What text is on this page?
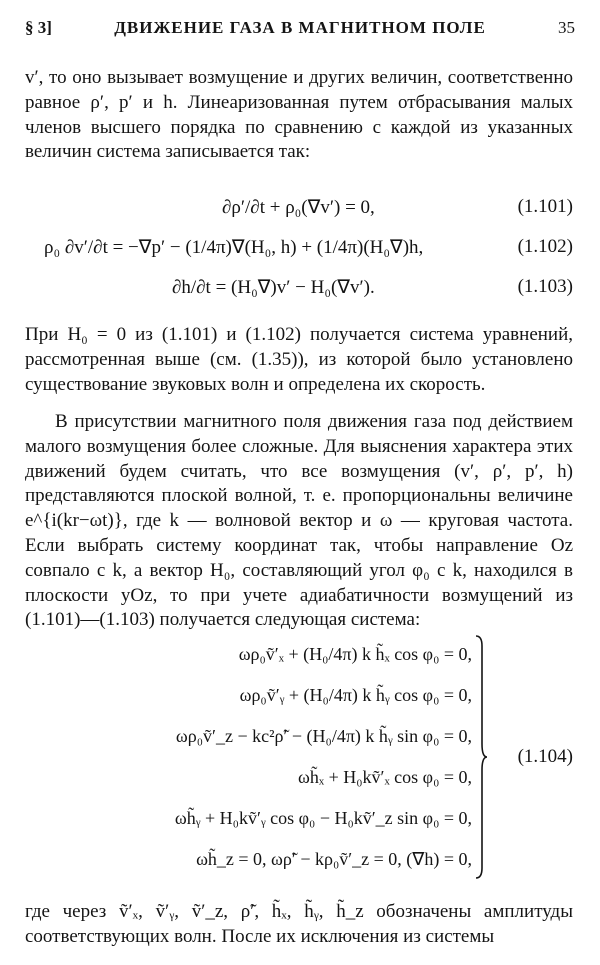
§ 3]	ДВИЖЕНИЕ ГАЗА В МАГНИТНОМ ПОЛЕ	35
v′, то оно вызывает возмущение и других величин, соответственно равное ρ′, p′ и h. Линеаризованная путем отбрасывания малых членов высшего порядка по сравнению с каждой из указанных величин система записывается так:
∂ρ′/∂t + ρ₀(∇v′) = 0,	(1.101)
ρ₀ ∂v′/∂t = −∇p′ − (1/4π)∇(H₀, h) + (1/4π)(H₀∇)h,	(1.102)
∂h/∂t = (H₀∇)v′ − H₀(∇v′).	(1.103)
При H₀ = 0 из (1.101) и (1.102) получается система уравнений, рассмотренная выше (см. (1.35)), из которой было установлено существование звуковых волн и определена их скорость.
В присутствии магнитного поля движения газа под действием малого возмущения более сложные. Для выяснения характера этих движений будем считать, что все возмущения (v′, ρ′, p′, h) представляются плоской волной, т. е. пропорциональны величине e^{i(kr−ωt)}, где k — волновой вектор и ω — круговая частота. Если выбрать систему координат так, чтобы направление Oz совпало с k, а вектор H₀, составляющий угол φ₀ с k, находился в плоскости yOz, то при учете адиабатичности возмущений из (1.101)—(1.103) получается следующая система:
ωρ₀ṽ′ₓ + (H₀/4π) k h̃ₓ cos φ₀ = 0,
ωρ₀ṽ′ᵧ + (H₀/4π) k h̃ᵧ cos φ₀ = 0,
ωρ₀ṽ′_z − kc²ρ̃′ − (H₀/4π) k h̃ᵧ sin φ₀ = 0,
ωh̃ₓ + H₀kṽ′ₓ cos φ₀ = 0,
ωh̃ᵧ + H₀kṽ′ᵧ cos φ₀ − H₀kṽ′_z sin φ₀ = 0,
ωh̃_z = 0, ωρ̃′ − kρ₀ṽ′_z = 0, (∇h) = 0,
(1.104)
где через ṽ′ₓ, ṽ′ᵧ, ṽ′_z, ρ̃′, h̃ₓ, h̃ᵧ, h̃_z обозначены амплитуды соответствующих волн. После их исключения из системы
